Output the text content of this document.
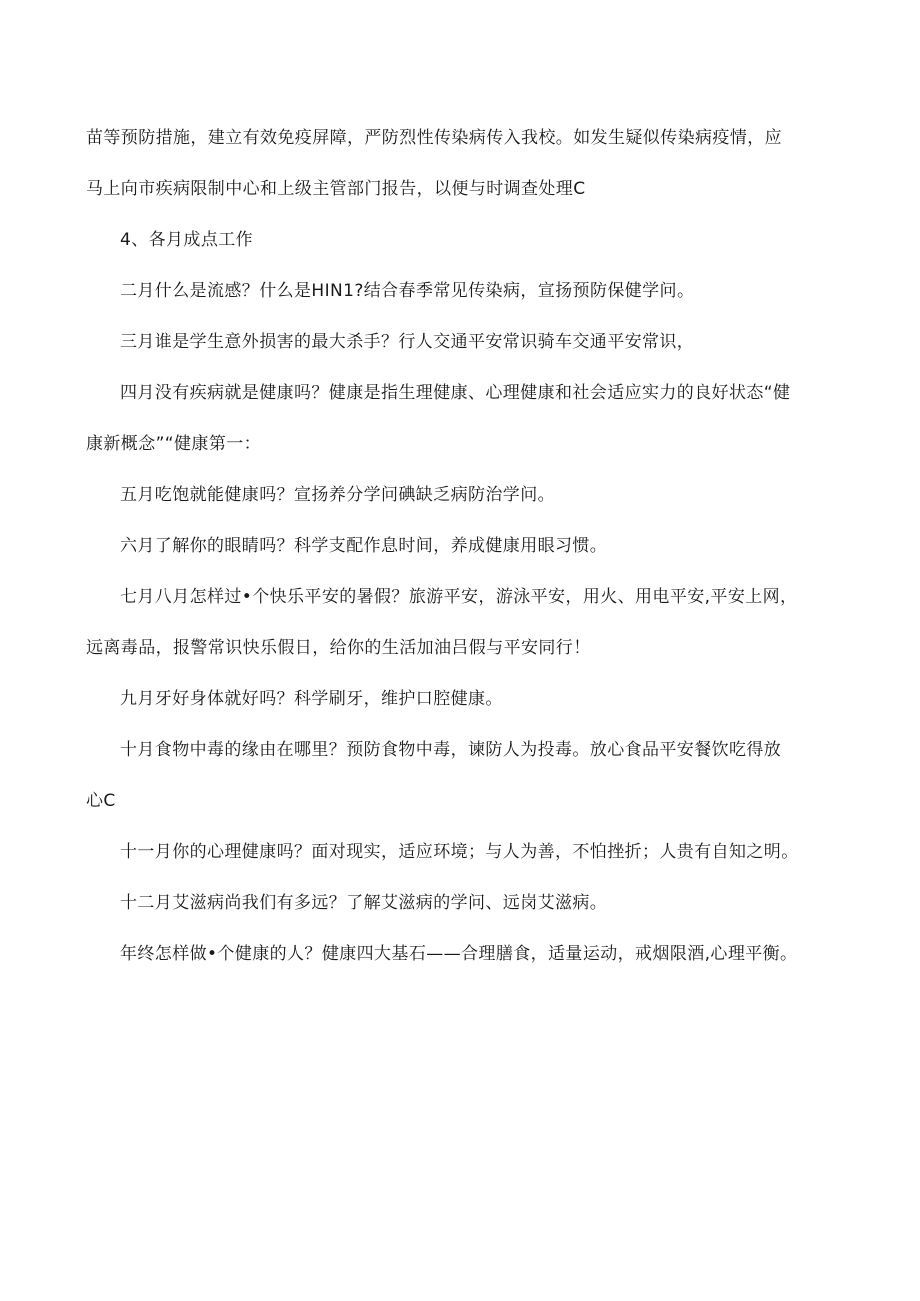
苗等预防措施，建立有效免疫屏障，严防烈性传染病传入我校。如发生疑似传染病疫情，应

马上向市疾病限制中心和上级主管部门报告，以便与时调查处理C

4、各月成点工作

二月什么是流感？什么是HIN1?结合春季常见传染病，宣扬预防保健学问。

三月谁是学生意外损害的最大杀手？行人交通平安常识骑车交通平安常识，

四月没有疾病就是健康吗？健康是指生理健康、心理健康和社会适应实力的良好状态“健

康新概念”“健康第一：

五月吃饱就能健康吗？宣扬养分学问碘缺乏病防治学问。

六月了解你的眼睛吗？科学支配作息时间，养成健康用眼习惯。

七月八月怎样过•个快乐平安的暑假？旅游平安，游泳平安，用火、用电平安,平安上网，

远离毒品，报警常识快乐假日，给你的生活加油吕假与平安同行！

九月牙好身体就好吗？科学刷牙，维护口腔健康。

十月食物中毒的缘由在哪里？预防食物中毒，谏防人为投毒。放心食品平安餐饮吃得放

心C

十一月你的心理健康吗？面对现实，适应环境；与人为善，不怕挫折；人贵有自知之明。

十二月艾滋病尚我们有多远？了解艾滋病的学问、远岗艾滋病。

年终怎样做•个健康的人？健康四大基石——合理膳食，适量运动，戒烟限酒,心理平衡。
